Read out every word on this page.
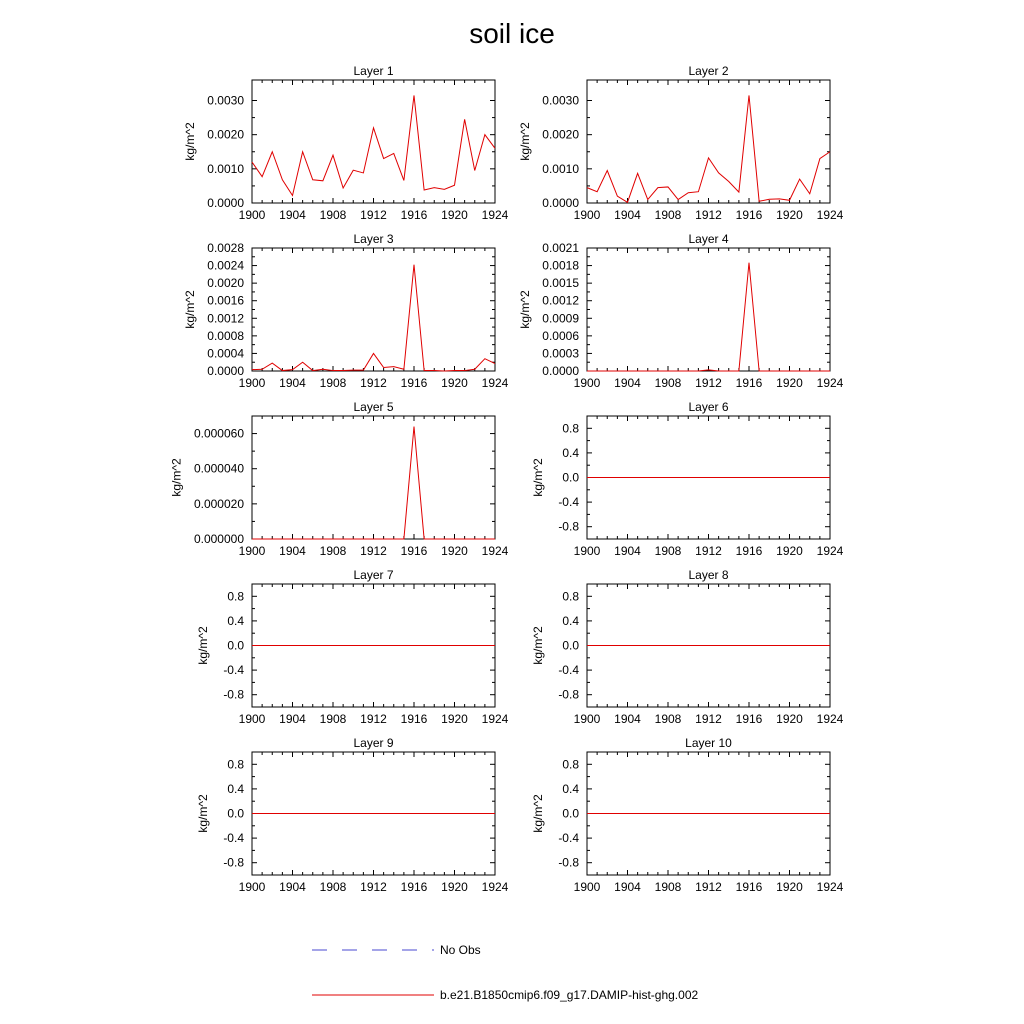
soil ice
Layer 1
1900 1904 1908 1912 1916 1920 1924
0.0000
0.0010
0.0020
0.0030
kg/m^2
Layer 2
1900 1904 1908 1912 1916 1920 1924
0.0000
0.0010
0.0020
0.0030
kg/m^2
Layer 3
1900 1904 1908 1912 1916 1920 1924
0.0000
0.0004
0.0008
0.0012
0.0016
0.0020
0.0024
0.0028
kg/m^2
Layer 4
1900 1904 1908 1912 1916 1920 1924
0.0000
0.0003
0.0006
0.0009
0.0012
0.0015
0.0018
0.0021
kg/m^2
Layer 5
1900 1904 1908 1912 1916 1920 1924
0.000000
0.000020
0.000040
0.000060
kg/m^2
Layer 6
1900 1904 1908 1912 1916 1920 1924
-0.8
-0.4
0.0
0.4
0.8
kg/m^2
Layer 7
1900 1904 1908 1912 1916 1920 1924
-0.8
-0.4
0.0
0.4
0.8
kg/m^2
Layer 8
1900 1904 1908 1912 1916 1920 1924
-0.8
-0.4
0.0
0.4
0.8
kg/m^2
Layer 9
1900 1904 1908 1912 1916 1920 1924
-0.8
-0.4
0.0
0.4
0.8
kg/m^2
Layer 10
1900 1904 1908 1912 1916 1920 1924
-0.8
-0.4
0.0
0.4
0.8
kg/m^2
No Obs
b.e21.B1850cmip6.f09_g17.DAMIP-hist-ghg.002
